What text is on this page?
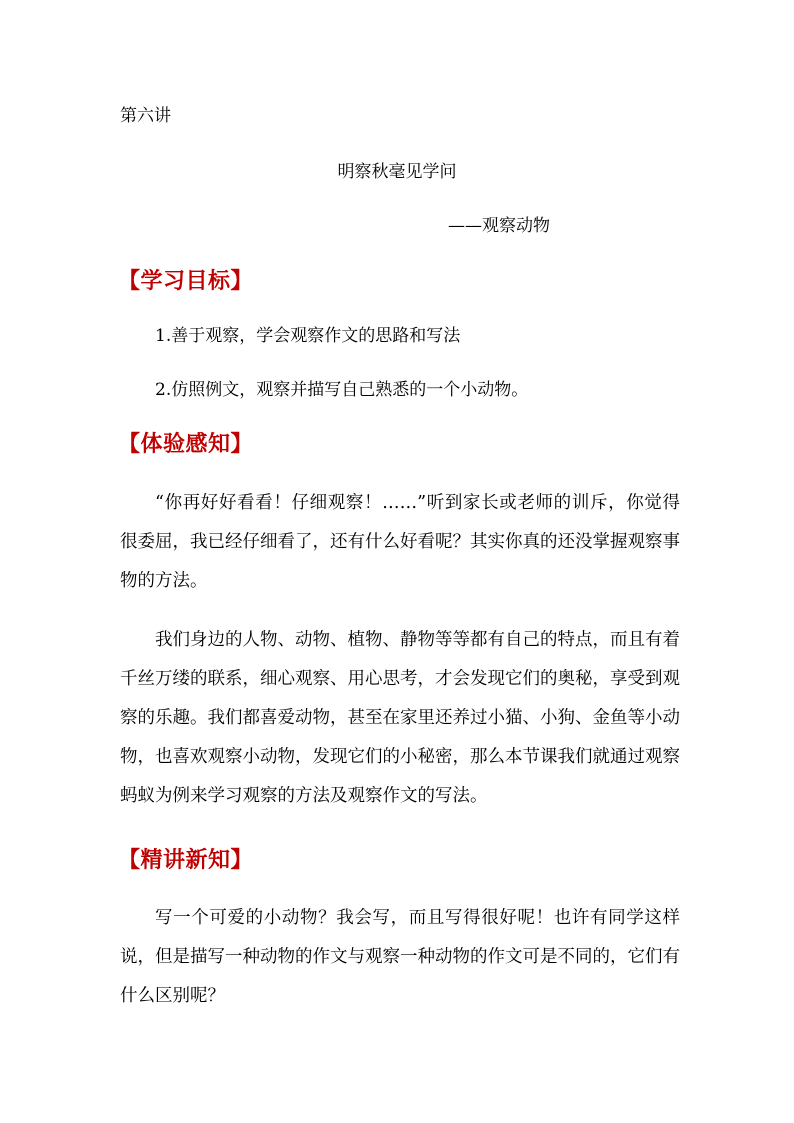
第六讲
明察秋毫见学问
——观察动物
【学习目标】
1.善于观察，学会观察作文的思路和写法
2.仿照例文，观察并描写自己熟悉的一个小动物。
【体验感知】

“你再好好看看！仔细观察！……”听到家长或老师的训斥，你觉得很委屈，我已经仔细看了，还有什么好看呢？其实你真的还没掌握观察事物的方法。

我们身边的人物、动物、植物、静物等等都有自己的特点，而且有着千丝万缕的联系，细心观察、用心思考，才会发现它们的奥秘，享受到观察的乐趣。我们都喜爱动物，甚至在家里还养过小猫、小狗、金鱼等小动物，也喜欢观察小动物，发现它们的小秘密，那么本节课我们就通过观察蚂蚁为例来学习观察的方法及观察作文的写法。

【精讲新知】

写一个可爱的小动物？我会写，而且写得很好呢！也许有同学这样说，但是描写一种动物的作文与观察一种动物的作文可是不同的，它们有什么区别呢？
